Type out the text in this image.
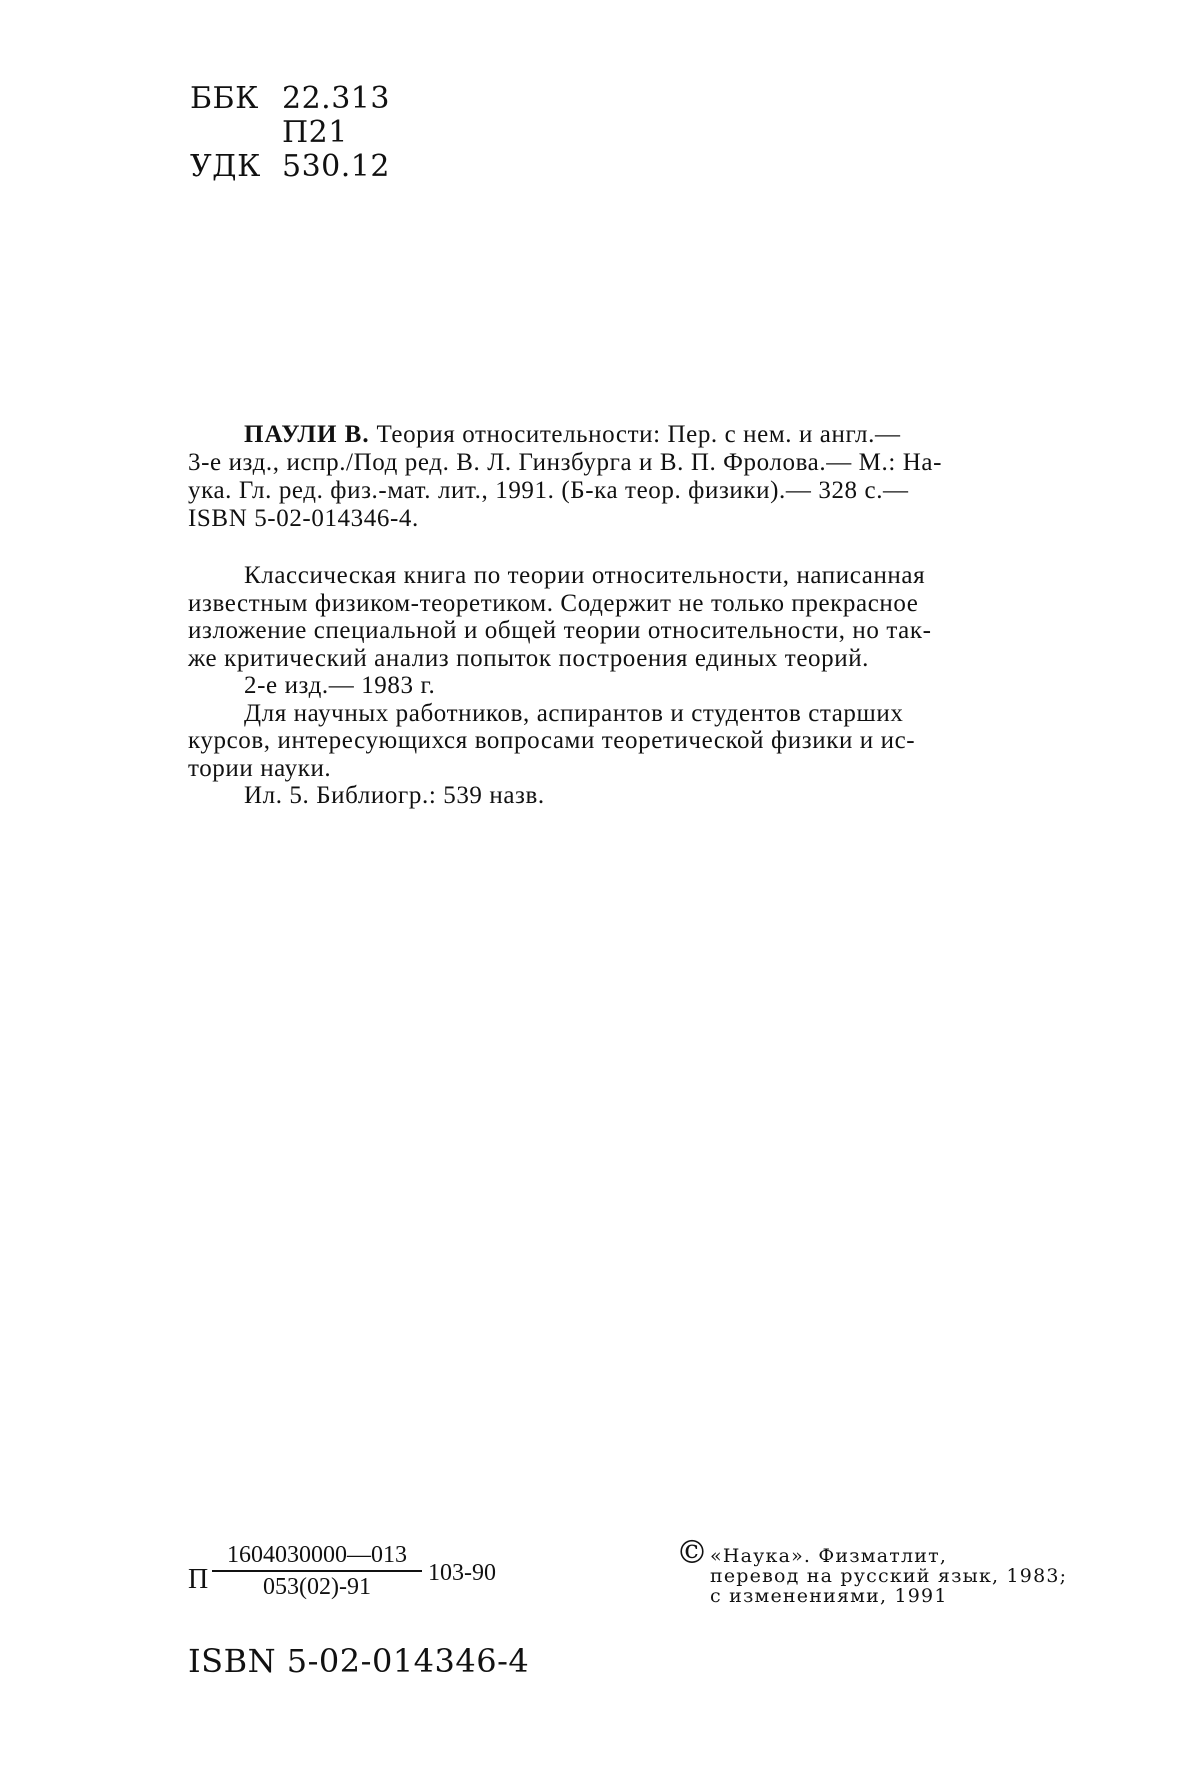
ББК 22.313
П21
УДК 530.12
ПАУЛИ В. Теория относительности: Пер. с нем. и англ.—
3-е изд., испр./Под ред. В. Л. Гинзбурга и В. П. Фролова.— М.: На-
ука. Гл. ред. физ.-мат. лит., 1991. (Б-ка теор. физики).— 328 с.—
ISBN 5-02-014346-4.
Классическая книга по теории относительности, написанная
известным физиком-теоретиком. Содержит не только прекрасное
изложение специальной и общей теории относительности, но так-
же критический анализ попыток построения единых теорий.
2-е изд.— 1983 г.
Для научных работников, аспирантов и студентов старших
курсов, интересующихся вопросами теоретической физики и ис-
тории науки.
Ил. 5. Библиогр.: 539 назв.
П $\frac{1604030000—013}{053(02)-91} 103-90$
© «Наука». Физматлит,
перевод на русский язык, 1983;
с изменениями, 1991
ISBN 5-02-014346-4
